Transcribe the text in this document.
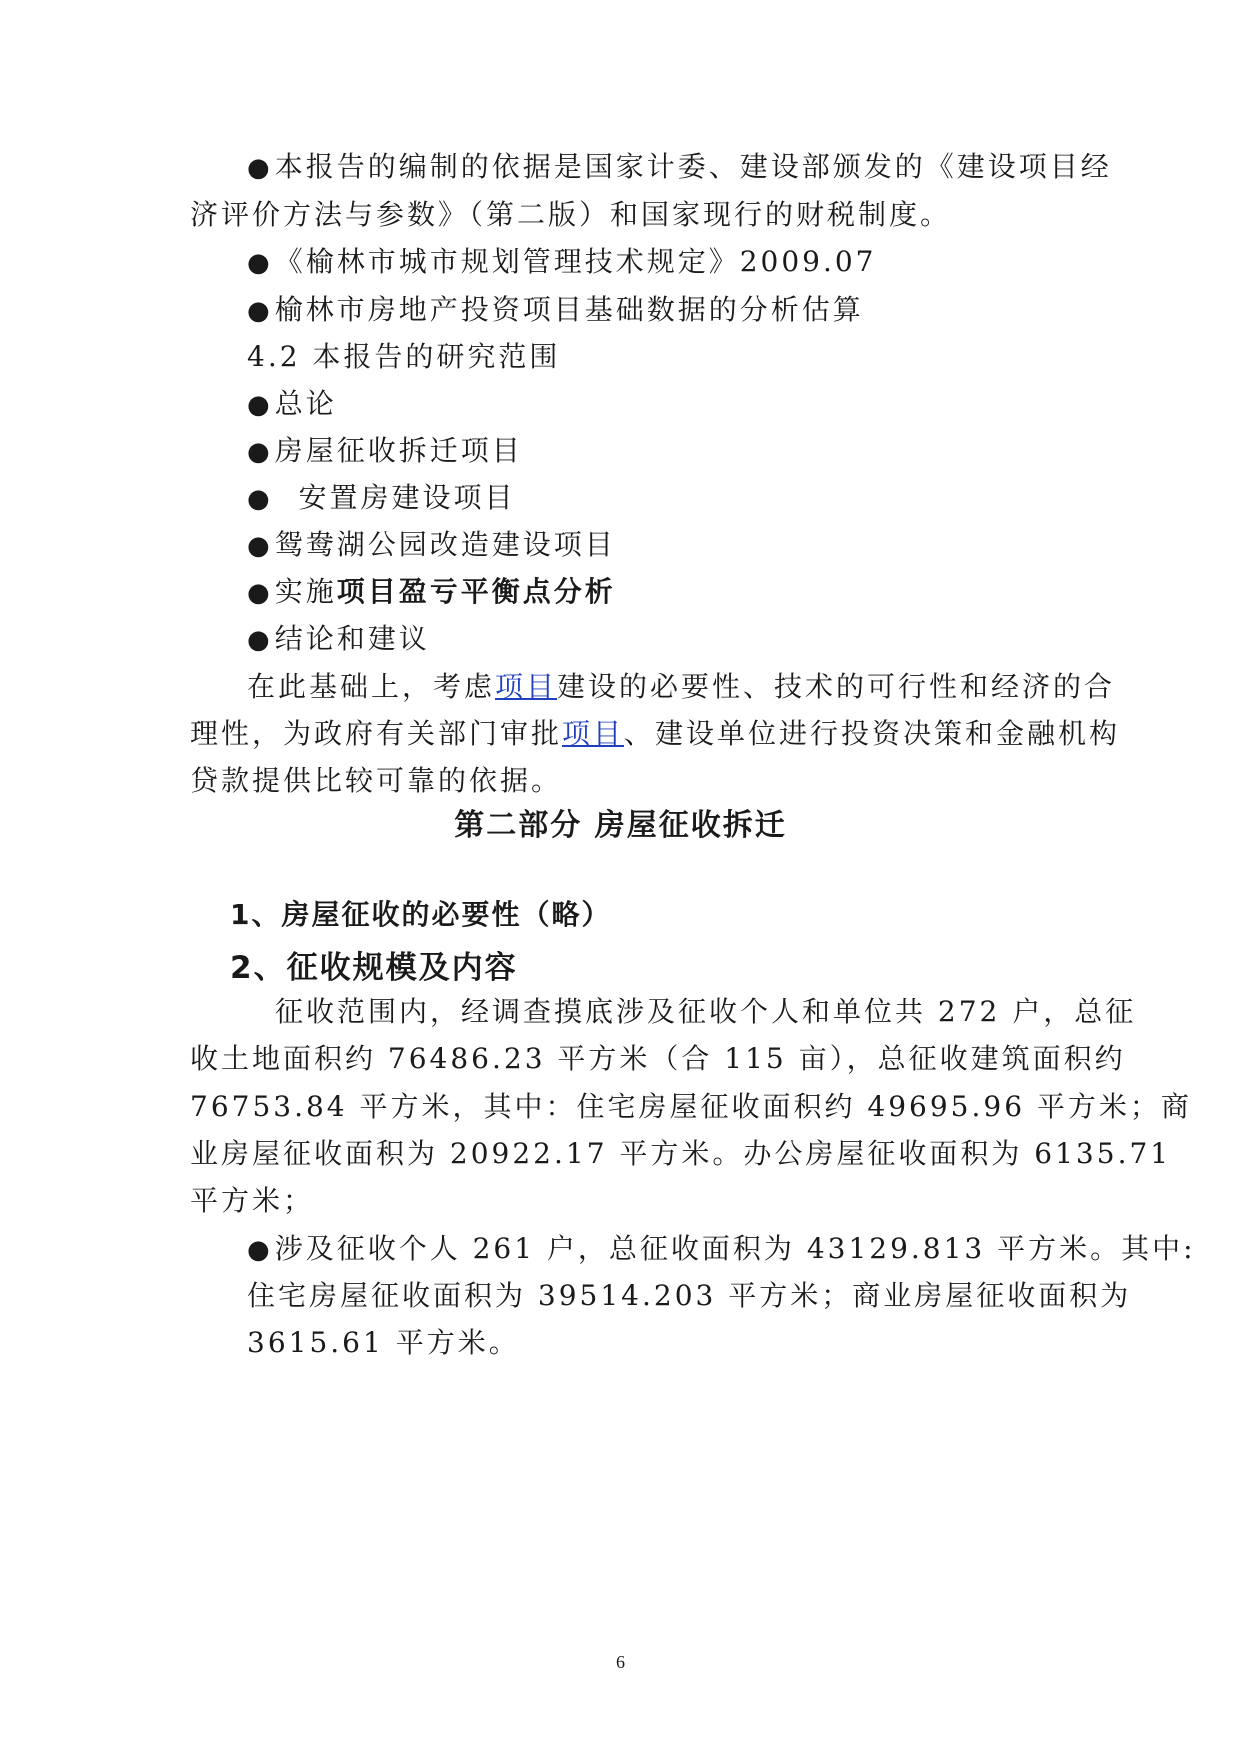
●本报告的编制的依据是国家计委、建设部颁发的《建设项目经
济评价方法与参数》（第二版）和国家现行的财税制度。
●《榆林市城市规划管理技术规定》2009.07
●榆林市房地产投资项目基础数据的分析估算
4.2 本报告的研究范围
●总论
●房屋征收拆迁项目
● 安置房建设项目
●鸳鸯湖公园改造建设项目
●实施项目盈亏平衡点分析
●结论和建议
在此基础上，考虑项目建设的必要性、技术的可行性和经济的合
理性，为政府有关部门审批项目、建设单位进行投资决策和金融机构
贷款提供比较可靠的依据。
第二部分 房屋征收拆迁
1、房屋征收的必要性（略）
2、征收规模及内容
征收范围内，经调查摸底涉及征收个人和单位共 272 户，总征
收土地面积约 76486.23 平方米（合 115 亩），总征收建筑面积约
76753.84 平方米，其中：住宅房屋征收面积约 49695.96 平方米；商
业房屋征收面积为 20922.17 平方米。办公房屋征收面积为 6135.71
平方米；
●涉及征收个人 261 户，总征收面积为 43129.813 平方米。其中:
住宅房屋征收面积为 39514.203 平方米；商业房屋征收面积为
3615.61 平方米。
6
